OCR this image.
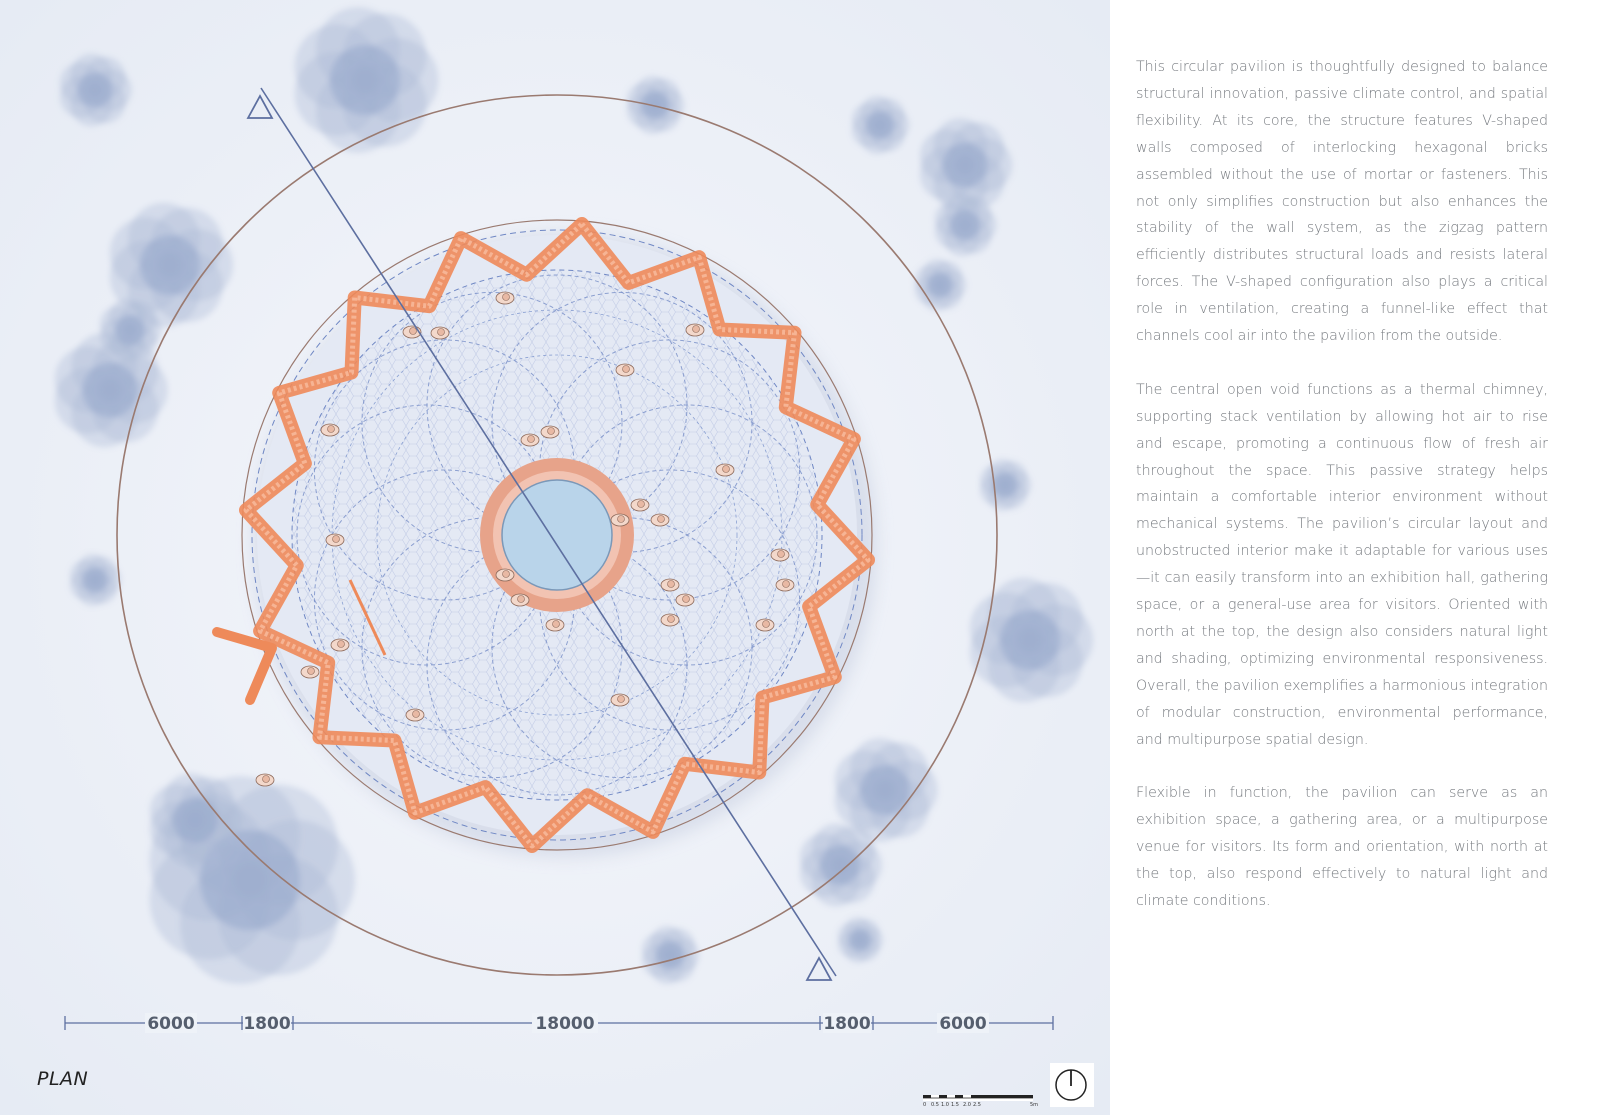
6000	1800	18000	1800	6000
0 0.5 1.0 1.5 2.0 2.5	5m
PLAN

This circular pavilion is thoughtfully designed to balance structural innovation, passive climate control, and spatial flexibility. At its core, the structure features V-shaped walls composed of interlocking hexagonal bricks assembled without the use of mortar or fasteners. This not only simplifies construction but also enhances the stability of the wall system, as the zigzag pattern efficiently distributes structural loads and resists lateral forces. The V-shaped configuration also plays a critical role in ventilation, creating a funnel-like effect that channels cool air into the pavilion from the outside.

The central open void functions as a thermal chimney, supporting stack ventilation by allowing hot air to rise and escape, promoting a continuous flow of fresh air throughout the space. This passive strategy helps maintain a comfortable interior environment without mechanical systems. The pavilion’s circular layout and unobstructed interior make it adaptable for various uses—it can easily transform into an exhibition hall, gathering space, or a general-use area for visitors. Oriented with north at the top, the design also considers natural light and shading, optimizing environmental responsiveness. Overall, the pavilion exemplifies a harmonious integration of modular construction, environmental performance, and multipurpose spatial design.

Flexible in function, the pavilion can serve as an exhibition space, a gathering area, or a multipurpose venue for visitors. Its form and orientation, with north at the top, also respond effectively to natural light and climate conditions.
